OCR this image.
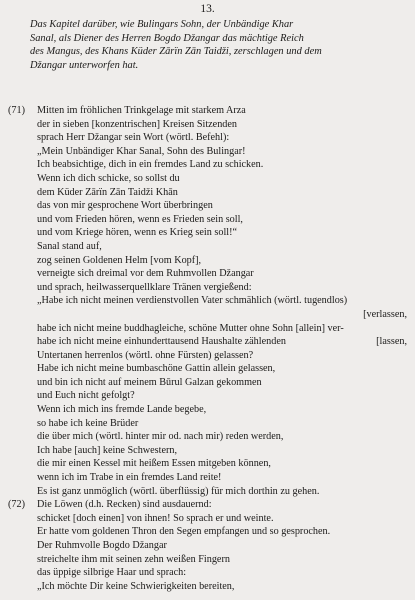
13.
Das Kapitel darüber, wie Bulingars Sohn, der Unbändige Khar
Sanal, als Diener des Herren Bogdo Džangar das mächtige Reich
des Mangus, des Khans Küder Zārïn Zān Taidži, zerschlagen und dem
Džangar unterworfen hat.
(71) Mitten im fröhlichen Trinkgelage mit starkem Arza
der in sieben [konzentrischen] Kreisen Sitzenden
sprach Herr Džangar sein Wort (wörtl. Befehl):
„Mein Unbändiger Khar Sanal, Sohn des Bulingar!
Ich beabsichtige, dich in ein fremdes Land zu schicken.
Wenn ich dich schicke, so sollst du
dem Küder Zārïn Zān Taidži Khān
das von mir gesprochene Wort überbringen
und vom Frieden hören, wenn es Frieden sein soll,
und vom Kriege hören, wenn es Krieg sein soll!“
Sanal stand auf,
zog seinen Goldenen Helm [vom Kopf],
verneigte sich dreimal vor dem Ruhmvollen Džangar
und sprach, heilwasserquellklare Tränen vergießend:
„Habe ich nicht meinen verdienstvollen Vater schmählich (wörtl. tugendlos)
[verlassen,
habe ich nicht meine buddhagleiche, schöne Mutter ohne Sohn [allein] ver-
habe ich nicht meine einhunderttausend Haushalte zählenden	[lassen,
Untertanen herrenlos (wörtl. ohne Fürsten) gelassen?
Habe ich nicht meine bumbaschöne Gattin allein gelassen,
und bin ich nicht auf meinem Būrul Galzan gekommen
und Euch nicht gefolgt?
Wenn ich mich ins fremde Lande begebe,
so habe ich keine Brüder
die über mich (wörtl. hinter mir od. nach mir) reden werden,
Ich habe [auch] keine Schwestern,
die mir einen Kessel mit heißem Essen mitgeben können,
wenn ich im Trabe in ein fremdes Land reite!
Es ist ganz unmöglich (wörtl. überflüssig) für mich dorthin zu gehen.
(72) Die Löwen (d.h. Recken) sind ausdauernd:
schicket [doch einen] von ihnen! So sprach er und weinte.
Er hatte vom goldenen Thron den Segen empfangen und so gesprochen.
Der Ruhmvolle Bogdo Džangar
streichelte ihm mit seinen zehn weißen Fingern
das üppige silbrige Haar und sprach:
„Ich möchte Dir keine Schwierigkeiten bereiten,
